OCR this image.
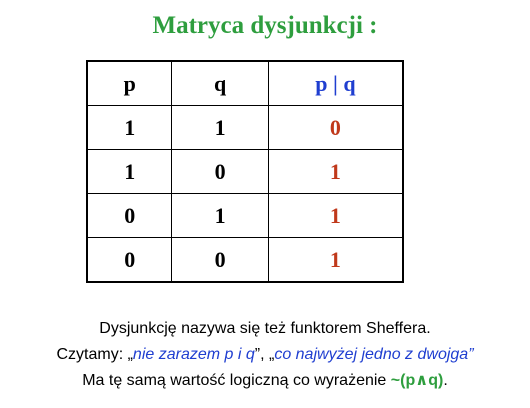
Matryca dysjunkcji :
p	q	p | q
1	1	0
1	0	1
0	1	1
0	0	1
Dysjunkcję nazywa się też funktorem Sheffera.
Czytamy: „nie zarazem p i q”, „co najwyżej jedno z dwojga”
Ma tę samą wartość logiczną co wyrażenie ~(p∧q).
